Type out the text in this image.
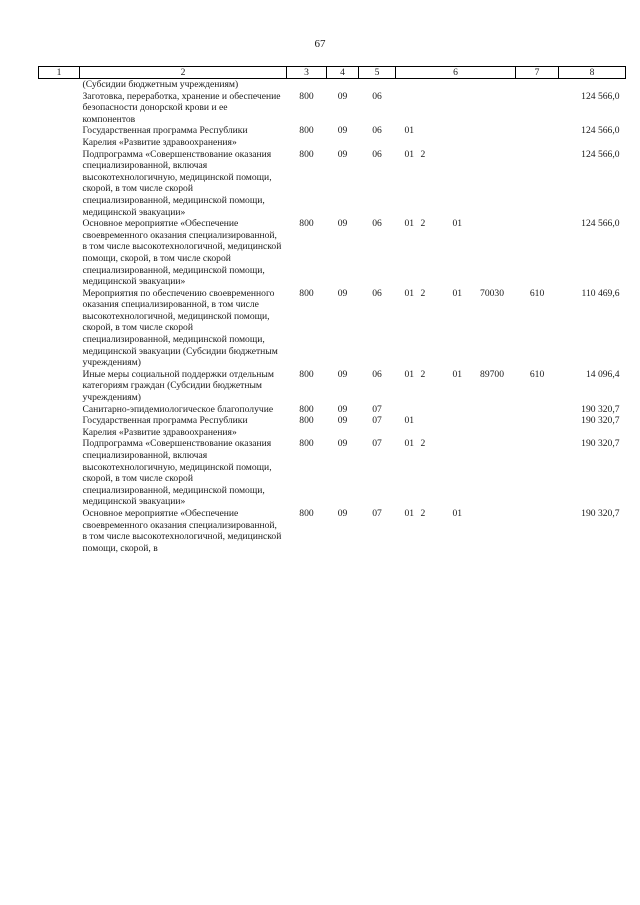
67
1	2	3	4	5	6				7	8
	(Субсидии бюджетным учреждениям)									
	Заготовка, переработка, хранение и обеспечение безопасности донорской крови и ее компонентов	800	09	06						124 566,0
	Государственная программа Республики Карелия «Развитие здравоохранения»	800	09	06	01					124 566,0
	Подпрограмма «Совершенствование оказания специализированной, включая высокотехнологичную, медицинской помощи, скорой, в том числе скорой специализированной, медицинской помощи, медицинской эвакуации»	800	09	06	01	2				124 566,0
	Основное мероприятие «Обеспечение своевременного оказания специализированной, в том числе высокотехнологичной, медицинской помощи, скорой, в том числе скорой специализированной, медицинской помощи, медицинской эвакуации»	800	09	06	01	2	01			124 566,0
	Мероприятия по обеспечению своевременного оказания специализированной, в том числе высокотехнологичной, медицинской помощи, скорой, в том числе скорой специализированной, медицинской помощи, медицинской эвакуации (Субсидии бюджетным учреждениям)	800	09	06	01	2	01	70030	610	110 469,6
	Иные меры социальной поддержки отдельным категориям граждан (Субсидии бюджетным учреждениям)	800	09	06	01	2	01	89700	610	14 096,4
	Санитарно-эпидемиологическое благополучие	800	09	07						190 320,7
	Государственная программа Республики Карелия «Развитие здравоохранения»	800	09	07	01					190 320,7
	Подпрограмма «Совершенствование оказания специализированной, включая высокотехнологичную, медицинской помощи, скорой, в том числе скорой специализированной, медицинской помощи, медицинской эвакуации»	800	09	07	01	2				190 320,7
	Основное мероприятие «Обеспечение своевременного оказания специализированной, в том числе высокотехнологичной, медицинской помощи, скорой, в	800	09	07	01	2	01			190 320,7
